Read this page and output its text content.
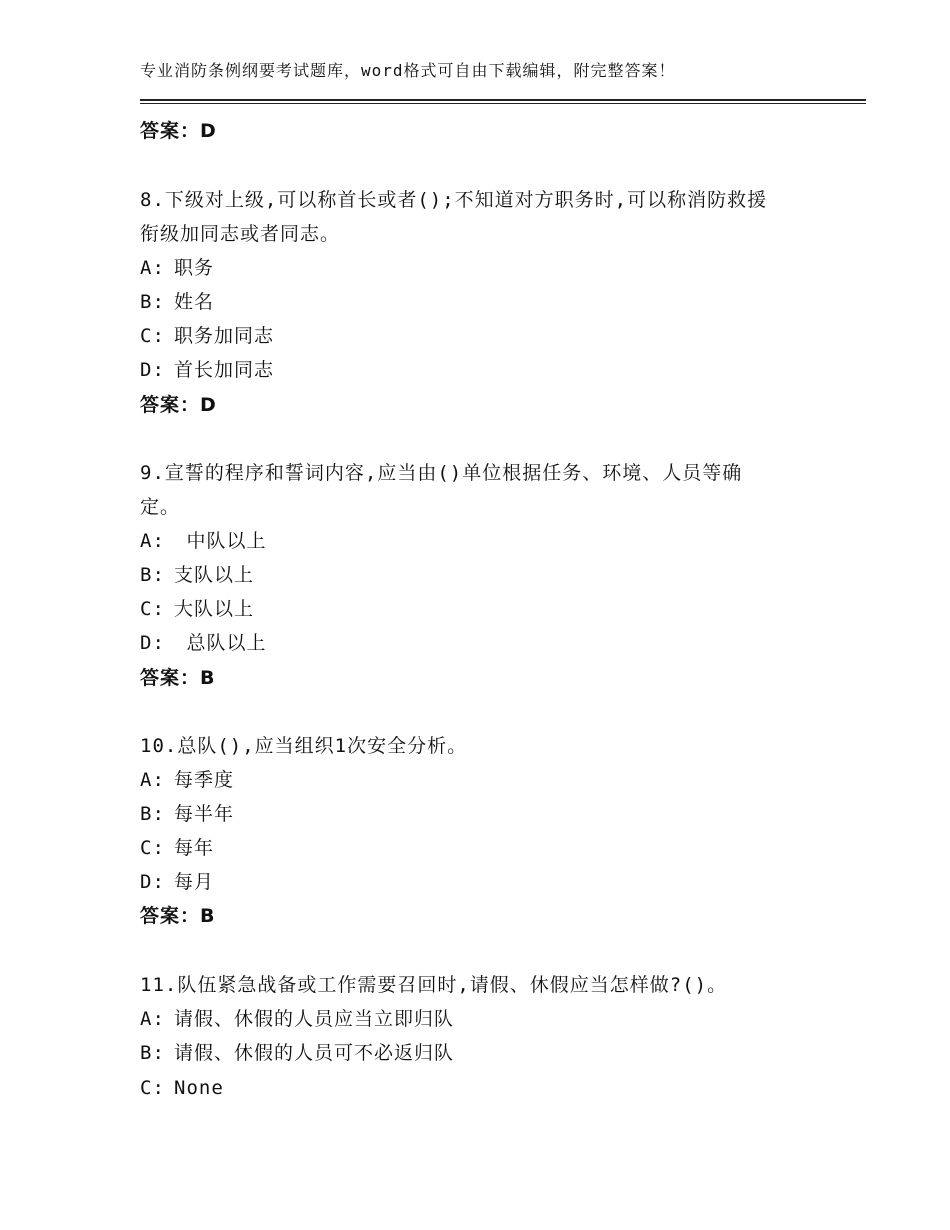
专业消防条例纲要考试题库，word格式可自由下载编辑，附完整答案！
答案：D
8.下级对上级,可以称首长或者();不知道对方职务时,可以称消防救援
衔级加同志或者同志。
A: 职务
B: 姓名
C: 职务加同志
D: 首长加同志
答案：D
9.宣誓的程序和誓词内容,应当由()单位根据任务、环境、人员等确
定。
A: 中队以上
B: 支队以上
C: 大队以上
D: 总队以上
答案：B
10.总队(),应当组织1次安全分析。
A: 每季度
B: 每半年
C: 每年
D: 每月
答案：B
11.队伍紧急战备或工作需要召回时,请假、休假应当怎样做?()。
A: 请假、休假的人员应当立即归队
B: 请假、休假的人员可不必返归队
C: None
